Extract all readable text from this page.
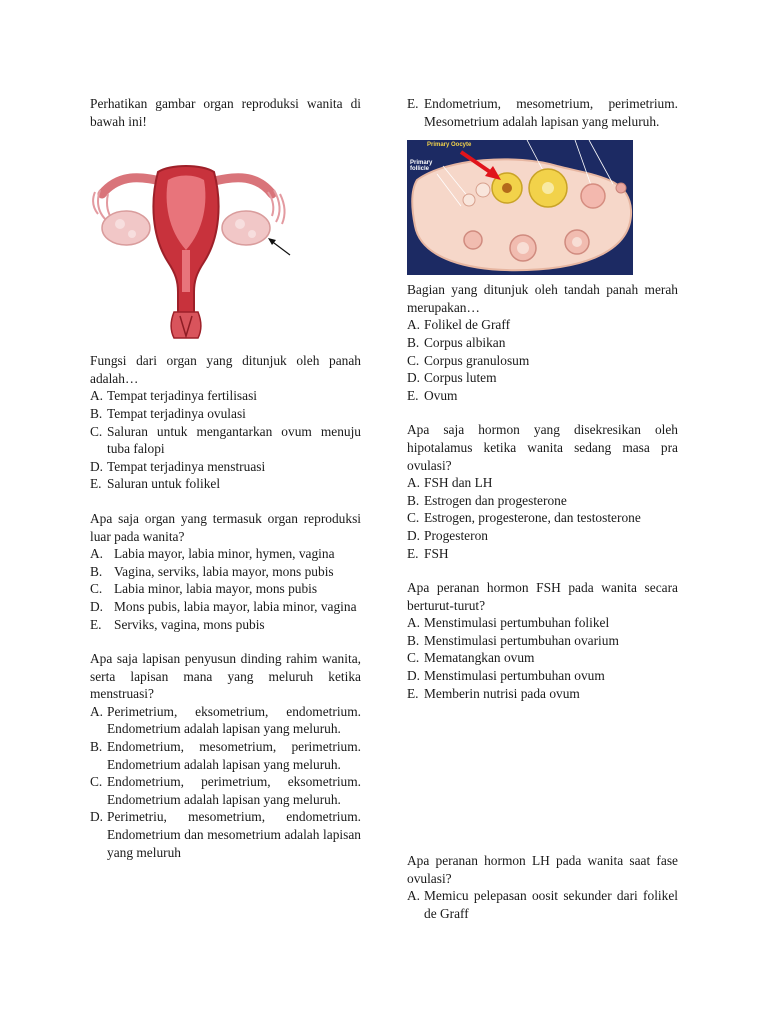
Perhatikan gambar organ reproduksi wanita di bawah ini!
Fungsi dari organ yang ditunjuk oleh panah adalah…
A. Tempat terjadinya fertilisasi
B. Tempat terjadinya ovulasi
C. Saluran untuk mengantarkan ovum menuju tuba falopi
D. Tempat terjadinya menstruasi
E. Saluran untuk folikel
Apa saja organ yang termasuk organ reproduksi luar pada wanita?
A. Labia mayor, labia minor, hymen, vagina
B. Vagina, serviks, labia mayor, mons pubis
C. Labia minor, labia mayor, mons pubis
D. Mons pubis, labia mayor, labia minor, vagina
E. Serviks, vagina, mons pubis
Apa saja lapisan penyusun dinding rahim wanita, serta lapisan mana yang meluruh ketika menstruasi?
A. Perimetrium, eksometrium, endometrium. Endometrium adalah lapisan yang meluruh.
B. Endometrium, mesometrium, perimetrium. Endometrium adalah lapisan yang meluruh.
C. Endometrium, perimetrium, eksometrium. Endometrium adalah lapisan yang meluruh.
D. Perimetriu, mesometrium, endometrium. Endometrium dan mesometrium adalah lapisan yang meluruh
E. Endometrium, mesometrium, perimetrium. Mesometrium adalah lapisan yang meluruh.
Primary Oocyte
Primary follicle
Bagian yang ditunjuk oleh tandah panah merah merupakan…
A. Folikel de Graff
B. Corpus albikan
C. Corpus granulosum
D. Corpus lutem
E. Ovum
Apa saja hormon yang disekresikan oleh hipotalamus ketika wanita sedang masa pra ovulasi?
A. FSH dan LH
B. Estrogen dan progesterone
C. Estrogen, progesterone, dan testosterone
D. Progesteron
E. FSH
Apa peranan hormon FSH pada wanita secara berturut-turut?
A. Menstimulasi pertumbuhan folikel
B. Menstimulasi pertumbuhan ovarium
C. Mematangkan ovum
D. Menstimulasi pertumbuhan ovum
E. Memberin nutrisi pada ovum
Apa peranan hormon LH pada wanita saat fase ovulasi?
A. Memicu pelepasan oosit sekunder dari folikel de Graff
